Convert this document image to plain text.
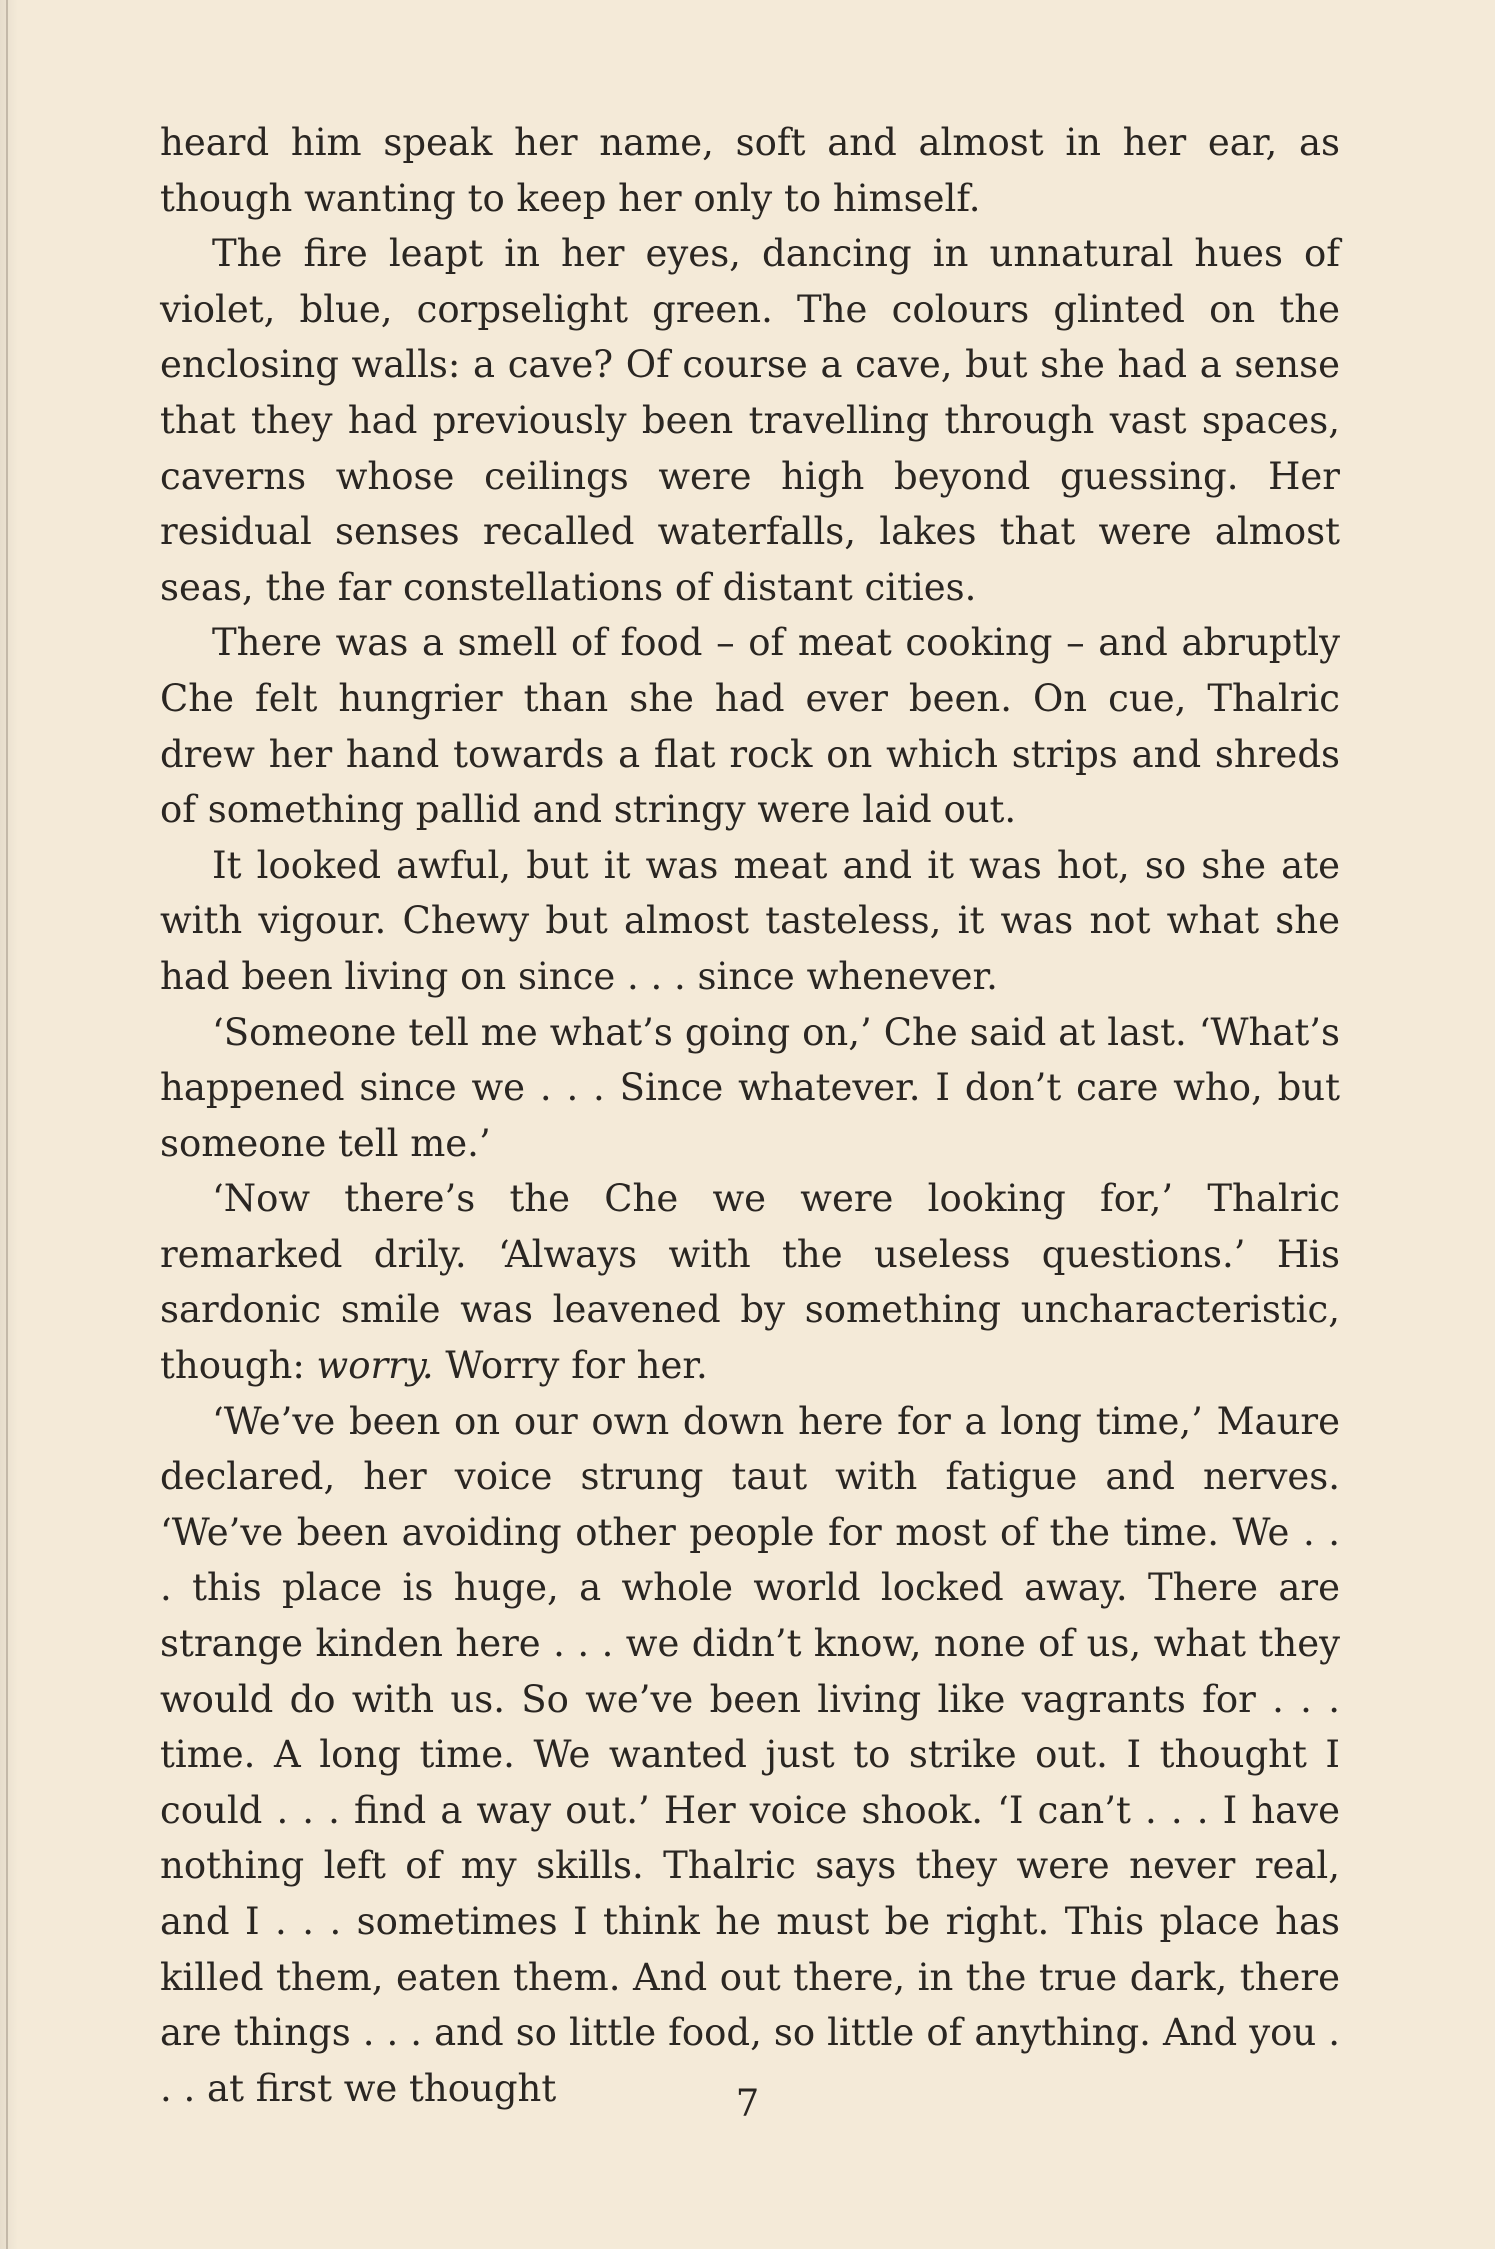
heard him speak her name, soft and almost in her ear, as though wanting to keep her only to himself.

The fire leapt in her eyes, dancing in unnatural hues of violet, blue, corpselight green. The colours glinted on the enclosing walls: a cave? Of course a cave, but she had a sense that they had previously been travelling through vast spaces, caverns whose ceilings were high beyond guessing. Her residual senses recalled waterfalls, lakes that were almost seas, the far constellations of distant cities.

There was a smell of food – of meat cooking – and abruptly Che felt hungrier than she had ever been. On cue, Thalric drew her hand towards a flat rock on which strips and shreds of something pallid and stringy were laid out.

It looked awful, but it was meat and it was hot, so she ate with vigour. Chewy but almost tasteless, it was not what she had been living on since . . . since whenever.

‘Someone tell me what’s going on,’ Che said at last. ‘What’s happened since we . . . Since whatever. I don’t care who, but someone tell me.’

‘Now there’s the Che we were looking for,’ Thalric remarked drily. ‘Always with the useless questions.’ His sardonic smile was leavened by something uncharacteristic, though: worry. Worry for her.

‘We’ve been on our own down here for a long time,’ Maure declared, her voice strung taut with fatigue and nerves. ‘We’ve been avoiding other people for most of the time. We . . . this place is huge, a whole world locked away. There are strange kinden here . . . we didn’t know, none of us, what they would do with us. So we’ve been living like vagrants for . . . time. A long time. We wanted just to strike out. I thought I could . . . find a way out.’ Her voice shook. ‘I can’t . . . I have nothing left of my skills. Thalric says they were never real, and I . . . sometimes I think he must be right. This place has killed them, eaten them. And out there, in the true dark, there are things . . . and so little food, so little of anything. And you . . . at first we thought	7
